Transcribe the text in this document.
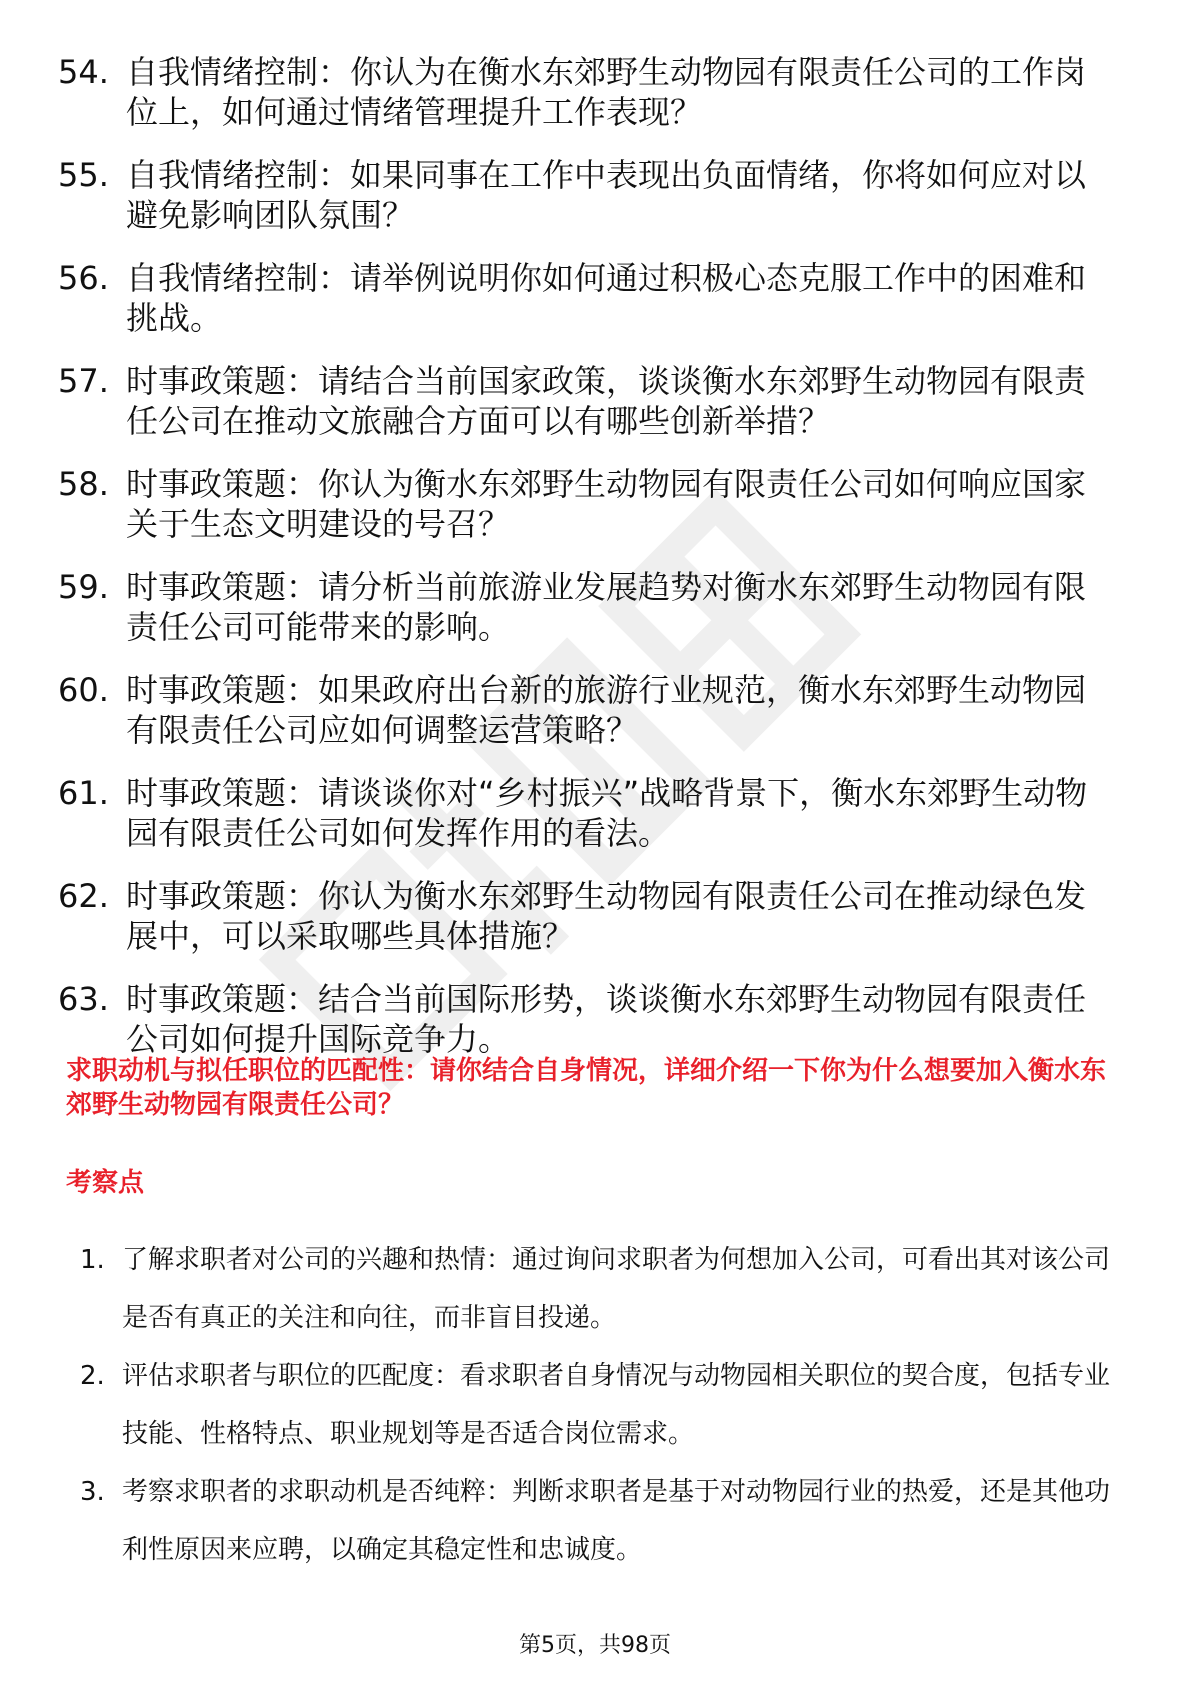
54. 自我情绪控制：你认为在衡水东郊野生动物园有限责任公司的工作岗位上，如何通过情绪管理提升工作表现？
55. 自我情绪控制：如果同事在工作中表现出负面情绪，你将如何应对以避免影响团队氛围？
56. 自我情绪控制：请举例说明你如何通过积极心态克服工作中的困难和挑战。
57. 时事政策题：请结合当前国家政策，谈谈衡水东郊野生动物园有限责任公司在推动文旅融合方面可以有哪些创新举措？
58. 时事政策题：你认为衡水东郊野生动物园有限责任公司如何响应国家关于生态文明建设的号召？
59. 时事政策题：请分析当前旅游业发展趋势对衡水东郊野生动物园有限责任公司可能带来的影响。
60. 时事政策题：如果政府出台新的旅游行业规范，衡水东郊野生动物园有限责任公司应如何调整运营策略？
61. 时事政策题：请谈谈你对“乡村振兴”战略背景下，衡水东郊野生动物园有限责任公司如何发挥作用的看法。
62. 时事政策题：你认为衡水东郊野生动物园有限责任公司在推动绿色发展中，可以采取哪些具体措施？
63. 时事政策题：结合当前国际形势，谈谈衡水东郊野生动物园有限责任公司如何提升国际竞争力。
求职动机与拟任职位的匹配性：请你结合自身情况，详细介绍一下你为什么想要加入衡水东郊野生动物园有限责任公司？
考察点
1. 了解求职者对公司的兴趣和热情：通过询问求职者为何想加入公司，可看出其对该公司是否有真正的关注和向往，而非盲目投递。
2. 评估求职者与职位的匹配度：看求职者自身情况与动物园相关职位的契合度，包括专业技能、性格特点、职业规划等是否适合岗位需求。
3. 考察求职者的求职动机是否纯粹：判断求职者是基于对动物园行业的热爱，还是其他功利性原因来应聘，以确定其稳定性和忠诚度。
第5页，共98页
